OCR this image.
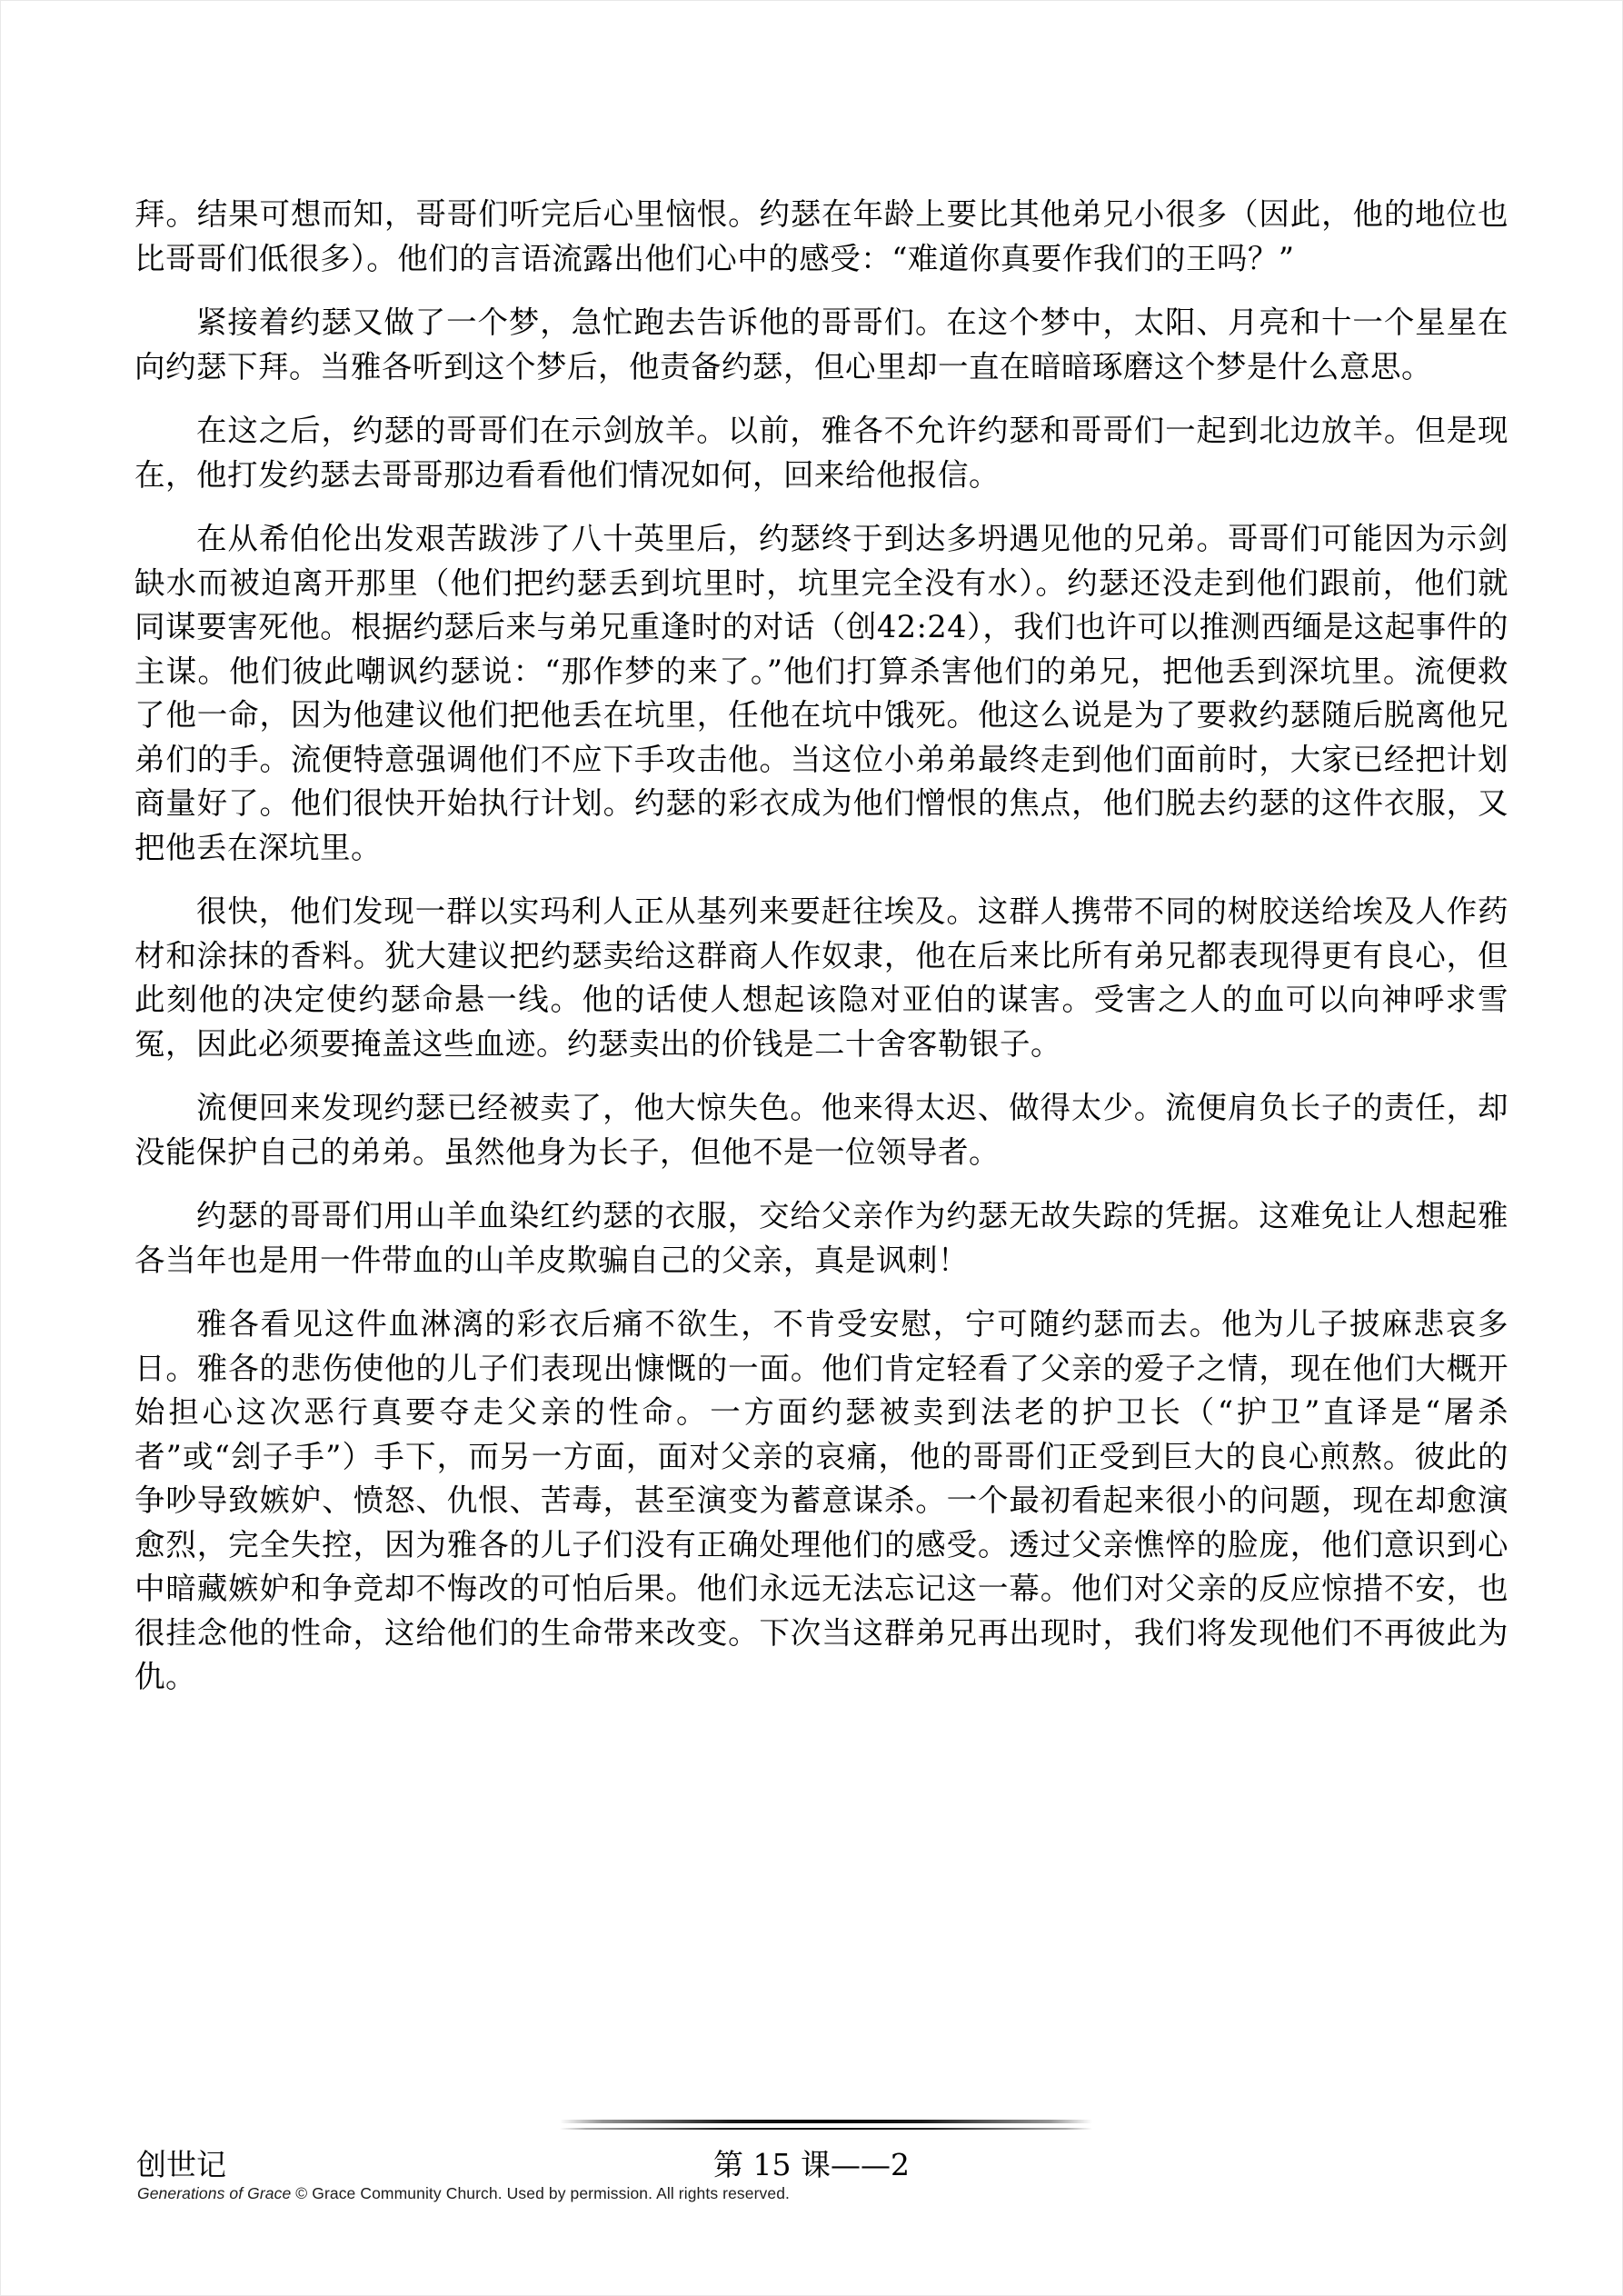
拜。结果可想而知，哥哥们听完后心里恼恨。约瑟在年龄上要比其他弟兄小很多（因此，他的地位也比哥哥们低很多）。他们的言语流露出他们心中的感受：“难道你真要作我们的王吗？”

紧接着约瑟又做了一个梦，急忙跑去告诉他的哥哥们。在这个梦中，太阳、月亮和十一个星星在向约瑟下拜。当雅各听到这个梦后，他责备约瑟，但心里却一直在暗暗琢磨这个梦是什么意思。

在这之后，约瑟的哥哥们在示剑放羊。以前，雅各不允许约瑟和哥哥们一起到北边放羊。但是现在，他打发约瑟去哥哥那边看看他们情况如何，回来给他报信。

在从希伯伦出发艰苦跋涉了八十英里后，约瑟终于到达多坍遇见他的兄弟。哥哥们可能因为示剑缺水而被迫离开那里（他们把约瑟丢到坑里时，坑里完全没有水）。约瑟还没走到他们跟前，他们就同谋要害死他。根据约瑟后来与弟兄重逢时的对话（创42:24），我们也许可以推测西缅是这起事件的主谋。他们彼此嘲讽约瑟说：“那作梦的来了。”他们打算杀害他们的弟兄，把他丢到深坑里。流便救了他一命，因为他建议他们把他丢在坑里，任他在坑中饿死。他这么说是为了要救约瑟随后脱离他兄弟们的手。流便特意强调他们不应下手攻击他。当这位小弟弟最终走到他们面前时，大家已经把计划商量好了。他们很快开始执行计划。约瑟的彩衣成为他们憎恨的焦点，他们脱去约瑟的这件衣服，又把他丢在深坑里。

很快，他们发现一群以实玛利人正从基列来要赶往埃及。这群人携带不同的树胶送给埃及人作药材和涂抹的香料。犹大建议把约瑟卖给这群商人作奴隶，他在后来比所有弟兄都表现得更有良心，但此刻他的决定使约瑟命悬一线。他的话使人想起该隐对亚伯的谋害。受害之人的血可以向神呼求雪冤，因此必须要掩盖这些血迹。约瑟卖出的价钱是二十舍客勒银子。

流便回来发现约瑟已经被卖了，他大惊失色。他来得太迟、做得太少。流便肩负长子的责任，却没能保护自己的弟弟。虽然他身为长子，但他不是一位领导者。

约瑟的哥哥们用山羊血染红约瑟的衣服，交给父亲作为约瑟无故失踪的凭据。这难免让人想起雅各当年也是用一件带血的山羊皮欺骗自己的父亲，真是讽刺！

雅各看见这件血淋漓的彩衣后痛不欲生，不肯受安慰，宁可随约瑟而去。他为儿子披麻悲哀多日。雅各的悲伤使他的儿子们表现出慷慨的一面。他们肯定轻看了父亲的爱子之情，现在他们大概开始担心这次恶行真要夺走父亲的性命。一方面约瑟被卖到法老的护卫长（“护卫”直译是“屠杀者”或“刽子手”）手下，而另一方面，面对父亲的哀痛，他的哥哥们正受到巨大的良心煎熬。彼此的争吵导致嫉妒、愤怒、仇恨、苦毒，甚至演变为蓄意谋杀。一个最初看起来很小的问题，现在却愈演愈烈，完全失控，因为雅各的儿子们没有正确处理他们的感受。透过父亲憔悴的脸庞，他们意识到心中暗藏嫉妒和争竞却不悔改的可怕后果。他们永远无法忘记这一幕。他们对父亲的反应惊措不安，也很挂念他的性命，这给他们的生命带来改变。下次当这群弟兄再出现时，我们将发现他们不再彼此为仇。

创世记	第 15 课——2
Generations of Grace © Grace Community Church. Used by permission. All rights reserved.
